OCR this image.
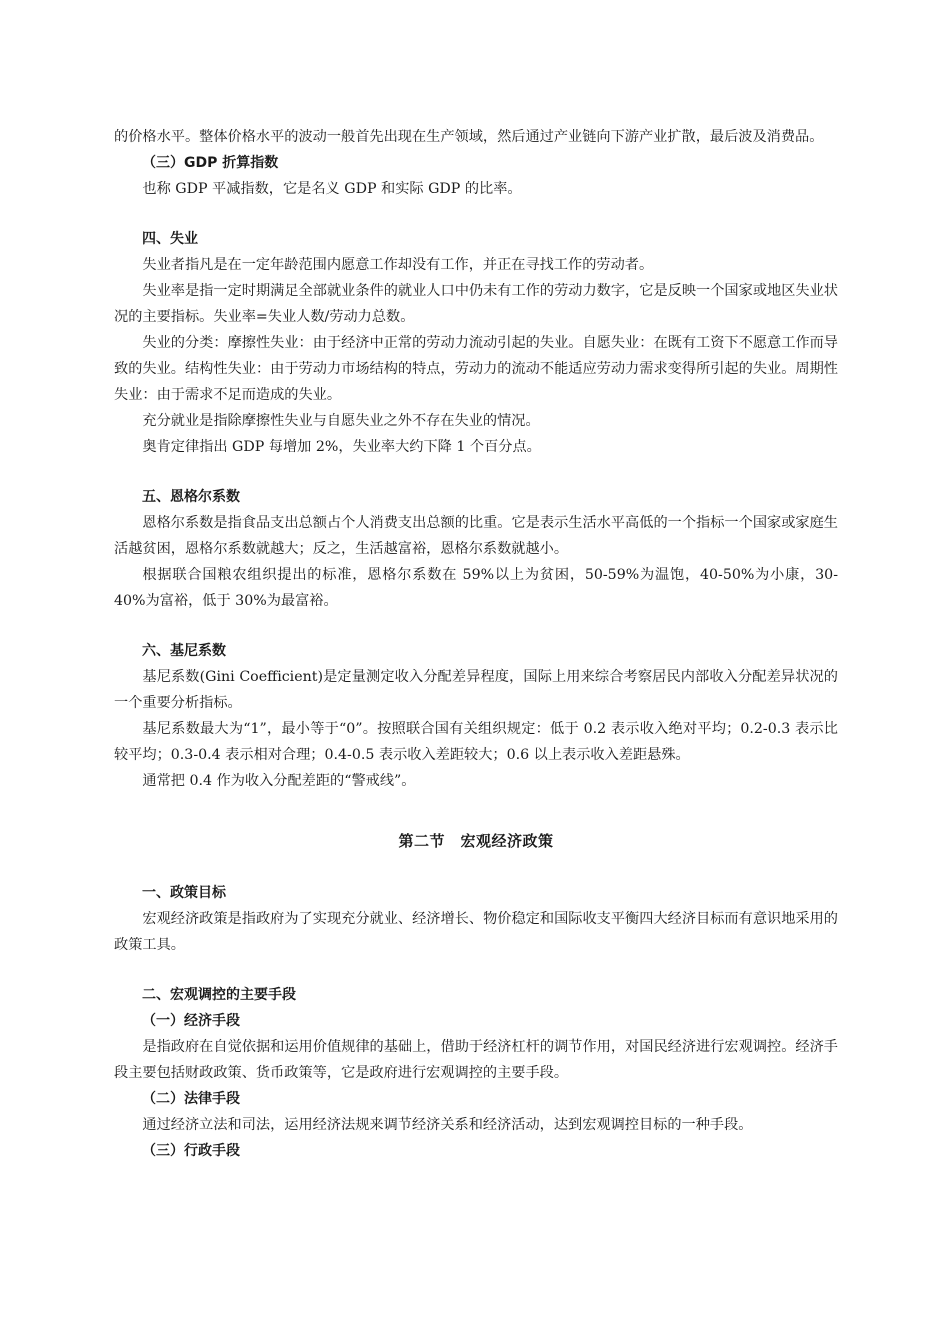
的价格水平。整体价格水平的波动一般首先出现在生产领域，然后通过产业链向下游产业扩散，最后波及消费品。

（三）GDP 折算指数

也称 GDP 平减指数，它是名义 GDP 和实际 GDP 的比率。

四、失业

失业者指凡是在一定年龄范围内愿意工作却没有工作，并正在寻找工作的劳动者。

失业率是指一定时期满足全部就业条件的就业人口中仍未有工作的劳动力数字，它是反映一个国家或地区失业状况的主要指标。失业率=失业人数/劳动力总数。

失业的分类：摩擦性失业：由于经济中正常的劳动力流动引起的失业。自愿失业：在既有工资下不愿意工作而导致的失业。结构性失业：由于劳动力市场结构的特点，劳动力的流动不能适应劳动力需求变得所引起的失业。周期性失业：由于需求不足而造成的失业。

充分就业是指除摩擦性失业与自愿失业之外不存在失业的情况。

奥肯定律指出 GDP 每增加 2%，失业率大约下降 1 个百分点。

五、恩格尔系数

恩格尔系数是指食品支出总额占个人消费支出总额的比重。它是表示生活水平高低的一个指标一个国家或家庭生活越贫困，恩格尔系数就越大；反之，生活越富裕，恩格尔系数就越小。

根据联合国粮农组织提出的标准，恩格尔系数在 59%以上为贫困，50-59%为温饱，40-50%为小康，30-40%为富裕，低于 30%为最富裕。

六、基尼系数

基尼系数(Gini Coefficient)是定量测定收入分配差异程度，国际上用来综合考察居民内部收入分配差异状况的一个重要分析指标。

基尼系数最大为“1”，最小等于“0”。按照联合国有关组织规定：低于 0.2 表示收入绝对平均；0.2-0.3 表示比较平均；0.3-0.4 表示相对合理；0.4-0.5 表示收入差距较大；0.6 以上表示收入差距悬殊。

通常把 0.4 作为收入分配差距的“警戒线”。

第二节　宏观经济政策

一、政策目标

宏观经济政策是指政府为了实现充分就业、经济增长、物价稳定和国际收支平衡四大经济目标而有意识地采用的政策工具。

二、宏观调控的主要手段

（一）经济手段

是指政府在自觉依据和运用价值规律的基础上，借助于经济杠杆的调节作用，对国民经济进行宏观调控。经济手段主要包括财政政策、货币政策等，它是政府进行宏观调控的主要手段。

（二）法律手段

通过经济立法和司法，运用经济法规来调节经济关系和经济活动，达到宏观调控目标的一种手段。

（三）行政手段
